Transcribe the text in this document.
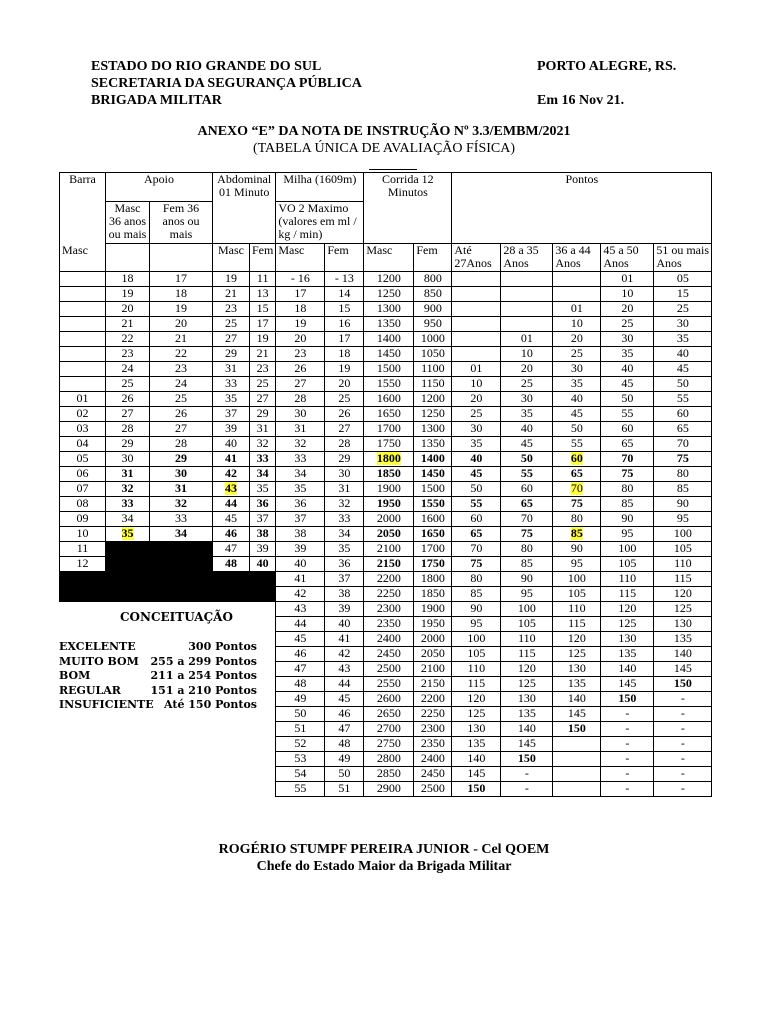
ESTADO DO RIO GRANDE DO SUL
SECRETARIA DA SEGURANÇA PÚBLICA
BRIGADA MILITAR
PORTO ALEGRE, RS.
Em 16 Nov 21.
ANEXO “E” DA NOTA DE INSTRUÇÃO Nº 3.3/EMBM/2021
(TABELA ÚNICA DE AVALIAÇÃO FÍSICA)
Barra	Apoio		Abdominal 01 Minuto		Milha (1609m)		Corrida 12 Minutos		Pontos				
	Masc 36 anos ou mais	Fem 36 anos ou mais			VO 2 Maximo (valores em ml / kg / min)								
Masc			Masc	Fem	Masc	Fem	Masc	Fem	Até 27Anos	28 a 35 Anos	36 a 44 Anos	45 a 50 Anos	51 ou mais Anos
	18	17	19	11	- 16	- 13	1200	800				01	05
	19	18	21	13	17	14	1250	850				10	15
	20	19	23	15	18	15	1300	900			01	20	25
	21	20	25	17	19	16	1350	950			10	25	30
	22	21	27	19	20	17	1400	1000		01	20	30	35
	23	22	29	21	23	18	1450	1050		10	25	35	40
	24	23	31	23	26	19	1500	1100	01	20	30	40	45
	25	24	33	25	27	20	1550	1150	10	25	35	45	50
01	26	25	35	27	28	25	1600	1200	20	30	40	50	55
02	27	26	37	29	30	26	1650	1250	25	35	45	55	60
03	28	27	39	31	31	27	1700	1300	30	40	50	60	65
04	29	28	40	32	32	28	1750	1350	35	45	55	65	70
05	30	29	41	33	33	29	1800	1400	40	50	60	70	75
06	31	30	42	34	34	30	1850	1450	45	55	65	75	80
07	32	31	43	35	35	31	1900	1500	50	60	70	80	85
08	33	32	44	36	36	32	1950	1550	55	65	75	85	90
09	34	33	45	37	37	33	2000	1600	60	70	80	90	95
10	35	34	46	38	38	34	2050	1650	65	75	85	95	100
11			47	39	39	35	2100	1700	70	80	90	100	105
12			48	40	40	36	2150	1750	75	85	95	105	110
					41	37	2200	1800	80	90	100	110	115
					42	38	2250	1850	85	95	105	115	120
					43	39	2300	1900	90	100	110	120	125
					44	40	2350	1950	95	105	115	125	130
					45	41	2400	2000	100	110	120	130	135
					46	42	2450	2050	105	115	125	135	140
					47	43	2500	2100	110	120	130	140	145
					48	44	2550	2150	115	125	135	145	150
					49	45	2600	2200	120	130	140	150	-
					50	46	2650	2250	125	135	145	-	-
					51	47	2700	2300	130	140	150	-	-
					52	48	2750	2350	135	145		-	-
					53	49	2800	2400	140	150		-	-
					54	50	2850	2450	145	-		-	-
					55	51	2900	2500	150	-		-	-
CONCEITUAÇÃO
EXCELENTE	300 Pontos
MUITO BOM 255 a 299 Pontos
BOM	211 a 254 Pontos
REGULAR	151 a 210 Pontos
INSUFICIENTE Até 150 Pontos
ROGÉRIO STUMPF PEREIRA JUNIOR - Cel QOEM
Chefe do Estado Maior da Brigada Militar
